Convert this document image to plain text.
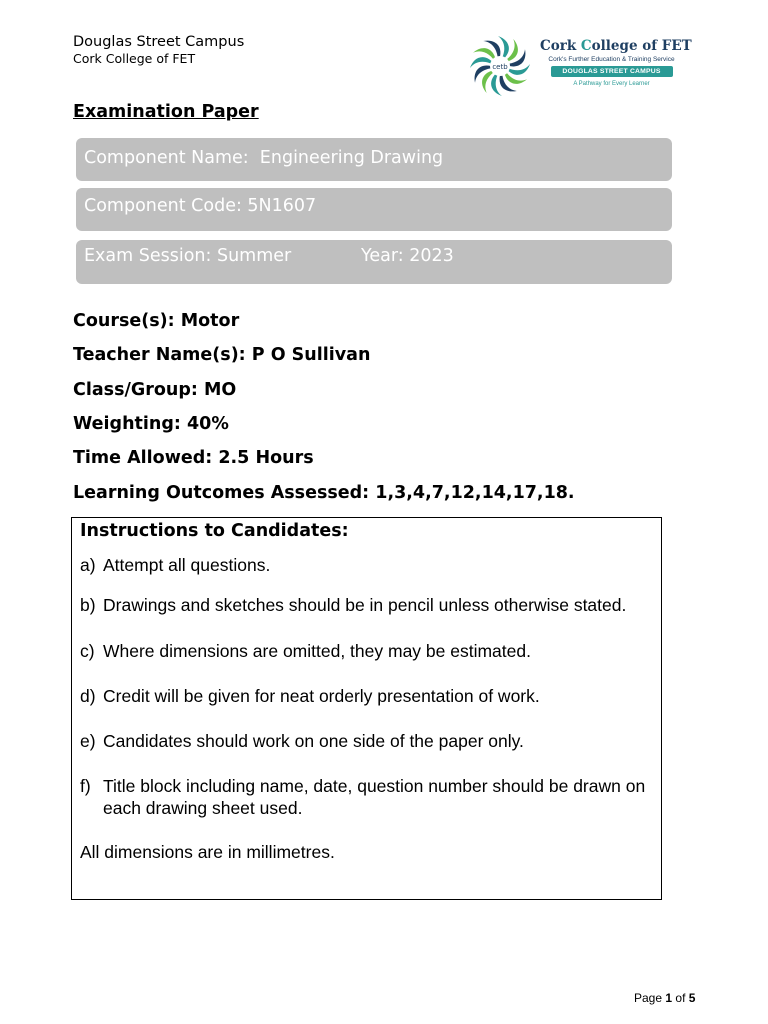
Douglas Street Campus
Cork College of FET
cetb
Cork College of FET
Cork's Further Education & Training Service
DOUGLAS STREET CAMPUS
A Pathway for Every Learner
Examination Paper
Component Name:  Engineering Drawing
Component Code: 5N1607
Exam Session: Summer	Year: 2023
Course(s): Motor
Teacher Name(s): P O Sullivan
Class/Group: MO
Weighting: 40%
Time Allowed: 2.5 Hours
Learning Outcomes Assessed: 1,3,4,7,12,14,17,18.
Instructions to Candidates:
a) Attempt all questions.
b) Drawings and sketches should be in pencil unless otherwise stated.
c) Where dimensions are omitted, they may be estimated.
d) Credit will be given for neat orderly presentation of work.
e) Candidates should work on one side of the paper only.
f) Title block including name, date, question number should be drawn on each drawing sheet used.
All dimensions are in millimetres.
Page 1 of 5
